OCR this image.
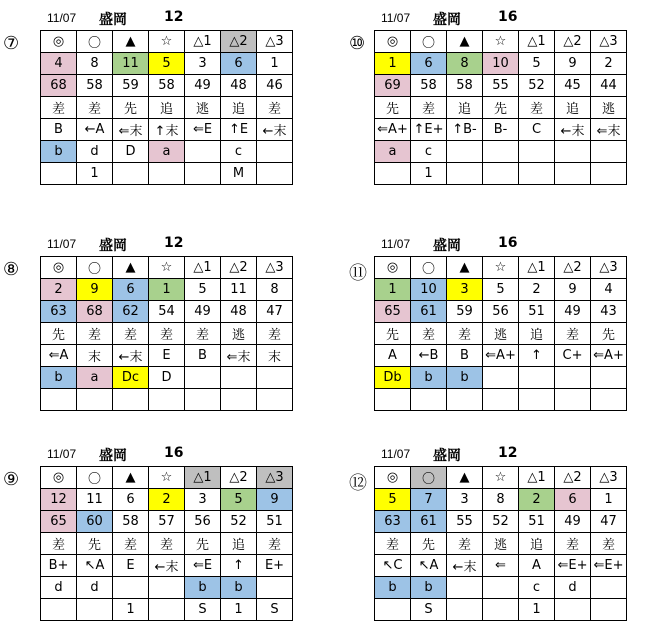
11/07 盛岡	12
◎	〇	▲	☆	△1	△2	△3
4	8	11	5	3	6	1
68	58	59	58	49	48	46
差	差	先	追	逃	追	差
B	←A	⇐末	↑末	⇐E	↑E	←末
b	d	D	a		c	
	1				M	
11/07 盛岡	16
◎	〇	▲	☆	△1	△2	△3
1	6	8	10	5	9	2
69	58	58	55	52	45	44
先	差	追	先	差	追	逃
⇐A+	↑E+	↑B-	B-	C	←末	⇐末
a	c					
	1					
11/07 盛岡	12
◎	〇	▲	☆	△1	△2	△3
2	9	6	1	5	11	8
63	68	62	54	49	48	47
先	差	差	差	差	逃	差
⇐A	末	←末	E	B	⇐末	末
b	a	Dc	D			

11/07 盛岡	16
◎	〇	▲	☆	△1	△2	△3
1	10	3	5	2	9	4
65	61	59	56	51	49	43
先	差	差	逃	追	差	先
A	←B	B	⇐A+	↑	C+	⇐A+
Db	b	b				

11/07 盛岡	16
◎	〇	▲	☆	△1	△2	△3
12	11	6	2	3	5	9
65	60	58	57	56	52	51
差	先	差	差	先	追	差
B+	↖A	E	←末	⇐E	↑	E+
d	d			b	b	
		1		S	1	S
11/07 盛岡	12
◎	〇	▲	☆	△1	△2	△3
5	7	3	8	2	6	1
63	61	55	52	51	49	47
差	先	差	逃	追	差	差
↖C	↖A	←末	⇐	A	⇐E+	⇐E+
b	b			c	d	
	S			1		
⑦	⑩
⑧	⑪
⑨	⑫
